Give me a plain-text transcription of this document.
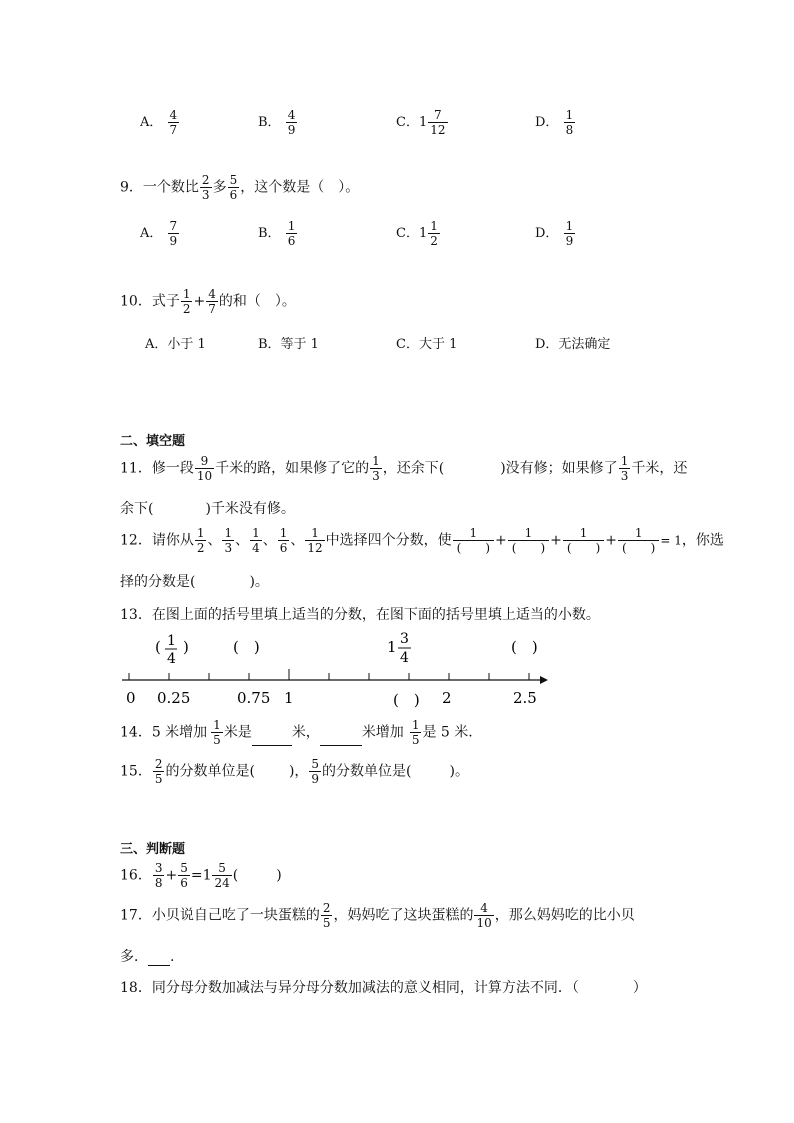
A． $\frac{4}{7}$	B． $\frac{4}{9}$	C．$1 \frac{7}{12}$	D． $\frac{1}{8}$
9．一个数比 $\frac{2}{3}$ 多 $\frac{5}{6}$ ，这个数是（　）。
A． $\frac{7}{9}$	B． $\frac{1}{6}$	C．$1 \frac{1}{2}$	D． $\frac{1}{9}$
10．式子 $\frac{1}{2} + \frac{4}{7}$ 的和（　）。
A．小于 1	B．等于 1	C．大于 1	D．无法确定
二、填空题
11．修一段 $\frac{9}{10}$ 千米的路，如果修了它的 $\frac{1}{3}$ ，还余下(	)没有修；如果修了 $\frac{1}{3}$ 千米，还
余下(	)千米没有修。
12．请你从 $\frac{1}{2}$ 、 $\frac{1}{3}$ 、 $\frac{1}{4}$ 、 $\frac{1}{6}$ 、 $\frac{1}{12}$ 中选择四个分数，使 $\frac{1}{( )} + \frac{1}{( )} + \frac{1}{( )} + \frac{1}{( )} = 1$，你选
择的分数是(	)。
13．在图上面的括号里填上适当的分数，在图下面的括号里填上适当的小数。
( 1
4
)	(　)	1 3
4
(　)
0 0.25	0.75 1	(　) 2	2.5
14．5 米增加 $\frac{1}{5}$ 米是	米，	米增加 $\frac{1}{5}$ 是 5 米.
15． $\frac{2}{5}$ 的分数单位是( )， $\frac{5}{9}$ 的分数单位是(	)。
三、判断题
16． $\frac{3}{8} + \frac{5}{6} =1 \frac{5}{24}$ (	)
17．小贝说自己吃了一块蛋糕的 $\frac{2}{5}$ ，妈妈吃了这块蛋糕的 $\frac{4}{10}$ ，那么妈妈吃的比小贝
多． .
18．同分母分数加减法与异分母分数加减法的意义相同，计算方法不同．（	）
